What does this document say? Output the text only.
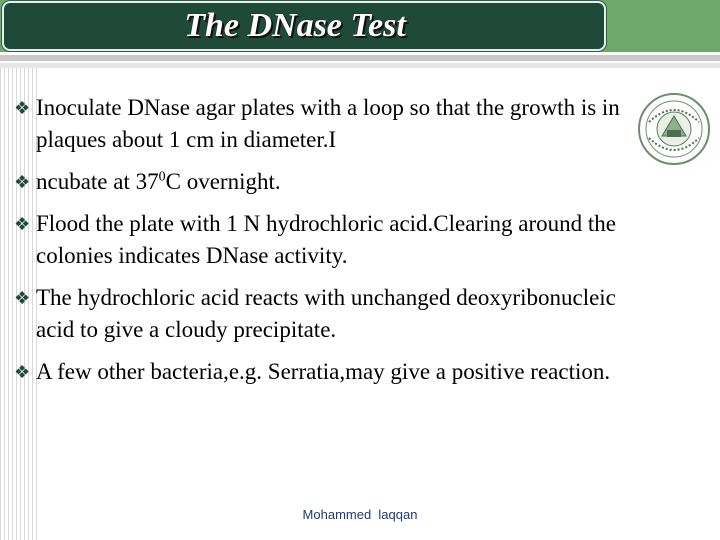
The DNase Test
❖ Inoculate DNase agar plates with a loop so that the growth is in plaques about 1 cm in diameter.I
❖ ncubate at $37^0C$ overnight.
❖ Flood the plate with 1 N hydrochloric acid.Clearing around the colonies indicates DNase activity.
❖ The hydrochloric acid reacts with unchanged deoxyribonucleic acid to give a cloudy precipitate.
❖ A few other bacteria,e.g. Serratia,may give a positive reaction.
Mohammed  laqqan
